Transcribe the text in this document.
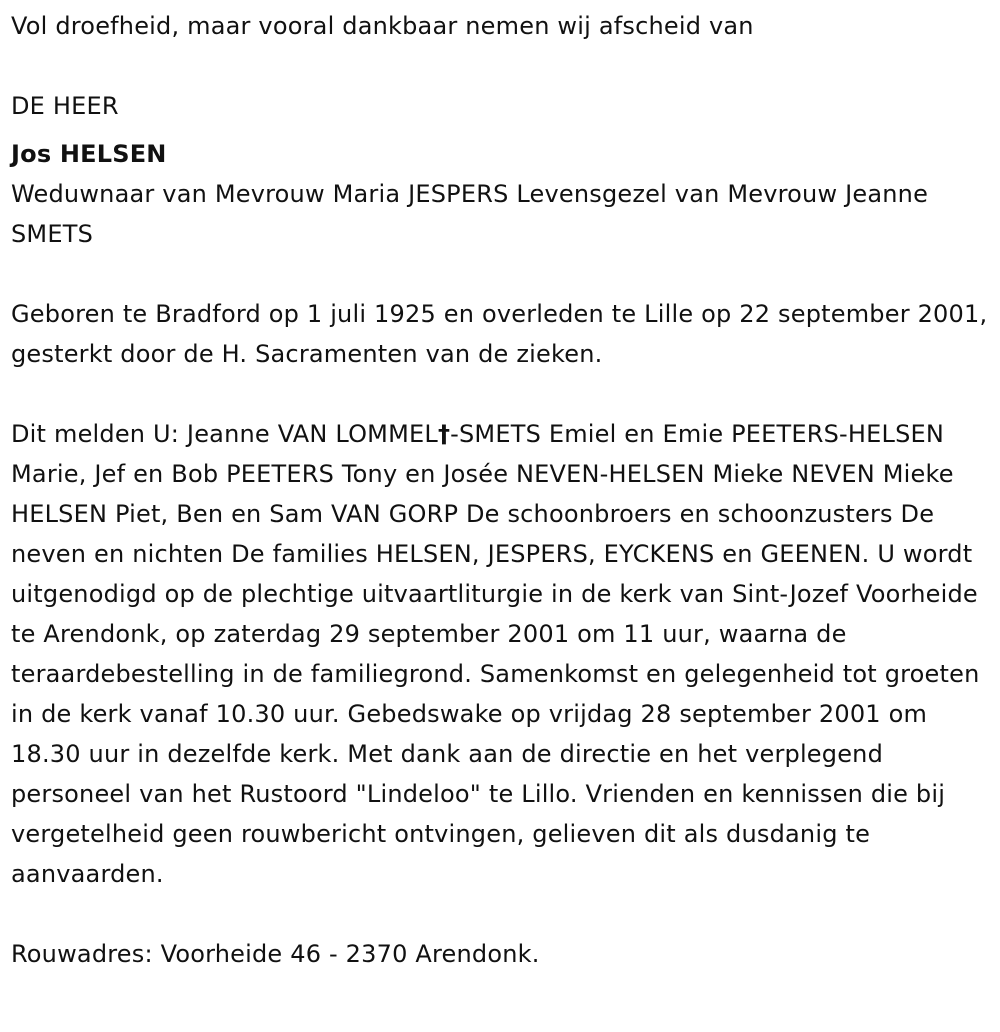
Vol droefheid, maar vooral dankbaar nemen wij afscheid van

DE HEER

Jos HELSEN

Weduwnaar van Mevrouw Maria JESPERS Levensgezel van Mevrouw Jeanne SMETS

Geboren te Bradford op 1 juli 1925 en overleden te Lille op 22 september 2001, gesterkt door de H. Sacramenten van de zieken.

Dit melden U: Jeanne VAN LOMMEL†-SMETS Emiel en Emie PEETERS-HELSEN Marie, Jef en Bob PEETERS Tony en Josée NEVEN-HELSEN Mieke NEVEN Mieke HELSEN Piet, Ben en Sam VAN GORP De schoonbroers en schoonzusters De neven en nichten De families HELSEN, JESPERS, EYCKENS en GEENEN. U wordt uitgenodigd op de plechtige uitvaartliturgie in de kerk van Sint-Jozef Voorheide te Arendonk, op zaterdag 29 september 2001 om 11 uur, waarna de teraardebestelling in de familiegrond. Samenkomst en gelegenheid tot groeten in de kerk vanaf 10.30 uur. Gebedswake op vrijdag 28 september 2001 om 18.30 uur in dezelfde kerk. Met dank aan de directie en het verplegend personeel van het Rustoord "Lindeloo" te Lillo. Vrienden en kennissen die bij vergetelheid geen rouwbericht ontvingen, gelieven dit als dusdanig te aanvaarden.

Rouwadres: Voorheide 46 - 2370 Arendonk.
